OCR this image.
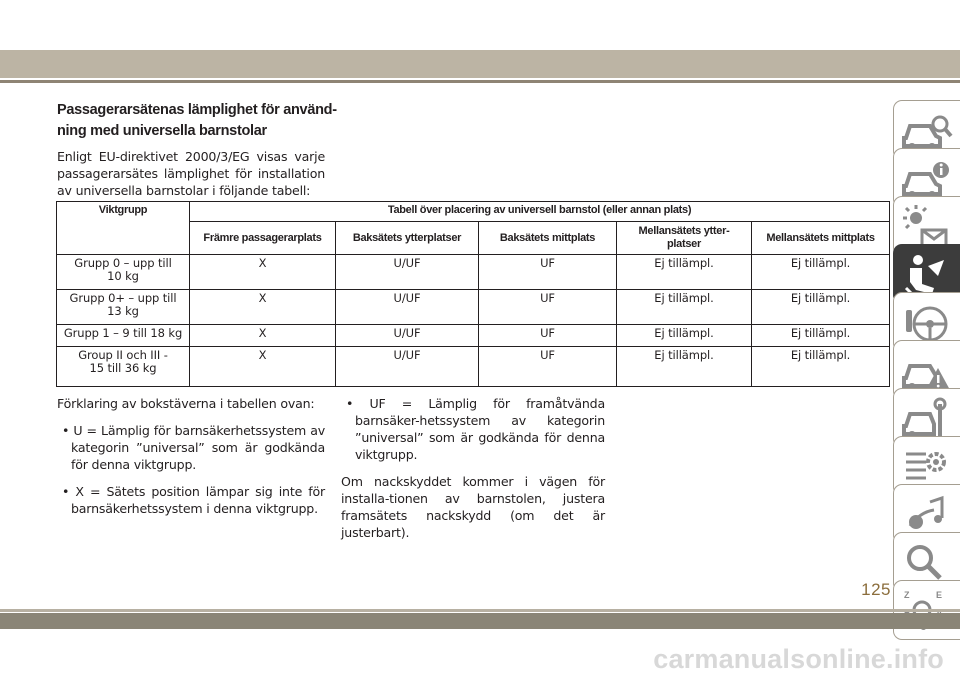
Passagerarsätenas lämplighet för använd-
ning med universella barnstolar

Enligt EU-direktivet 2000/3/EG visas varje passagerarsätes lämplighet för installation av universella barnstolar i följande tabell:

Viktgrupp	Tabell över placering av universell barnstol (eller annan plats)				
	Främre passagerarplats	Baksätets ytterplatser	Baksätets mittplats	Mellansätets ytter-
platser	Mellansätets mittplats
Grupp 0 – upp till
10 kg	X	U/UF	UF	Ej tillämpl.	Ej tillämpl.
Grupp 0+ – upp till
13 kg	X	U/UF	UF	Ej tillämpl.	Ej tillämpl.
Grupp 1 – 9 till 18 kg	X	U/UF	UF	Ej tillämpl.	Ej tillämpl.
Group II och III -
15 till 36 kg	X	U/UF	UF	Ej tillämpl.	Ej tillämpl.

Förklaring av bokstäverna i tabellen ovan:

• U = Lämplig för barnsäkerhetssystem av kategorin ”universal” som är godkända för denna viktgrupp.

• X = Sätets position lämpar sig inte för barnsäkerhetssystem i denna viktgrupp.

• UF = Lämplig för framåtvända barnsäker-hetssystem av kategorin ”universal” som är godkända för denna viktgrupp.

Om nackskyddet kommer i vägen för installa-tionen av barnstolen, justera framsätets nackskydd (om det är justerbart).

Z	E
125
carmanualsonline.info
